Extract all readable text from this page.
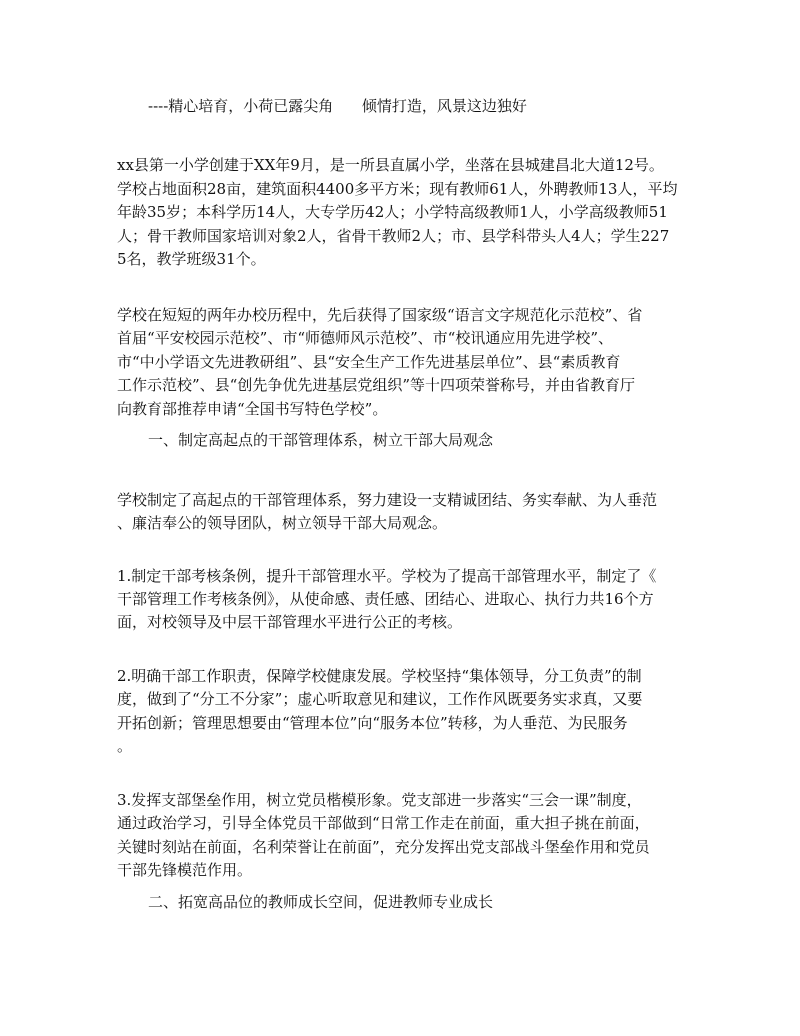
----精心培育，小荷已露尖角      倾情打造，风景这边独好

xx县第一小学创建于XX年9月，是一所县直属小学，坐落在县城建昌北大道12号。

学校占地面积28亩，建筑面积4400多平方米；现有教师61人，外聘教师13人，平均

年龄35岁；本科学历14人，大专学历42人；小学特高级教师1人，小学高级教师51

人；骨干教师国家培训对象2人，省骨干教师2人；市、县学科带头人4人；学生227

5名，教学班级31个。

学校在短短的两年办校历程中，先后获得了国家级“语言文字规范化示范校”、省

首届“平安校园示范校”、市“师德师风示范校”、市“校讯通应用先进学校”、

市“中小学语文先进教研组”、县“安全生产工作先进基层单位”、县“素质教育

工作示范校”、县“创先争优先进基层党组织”等十四项荣誉称号，并由省教育厅

向教育部推荐申请“全国书写特色学校”。

一、制定高起点的干部管理体系，树立干部大局观念

学校制定了高起点的干部管理体系，努力建设一支精诚团结、务实奉献、为人垂范

、廉洁奉公的领导团队，树立领导干部大局观念。

1.制定干部考核条例，提升干部管理水平。学校为了提高干部管理水平，制定了《

干部管理工作考核条例》，从使命感、责任感、团结心、进取心、执行力共16个方

面，对校领导及中层干部管理水平进行公正的考核。

2.明确干部工作职责，保障学校健康发展。学校坚持“集体领导，分工负责”的制

度，做到了“分工不分家”；虚心听取意见和建议，工作作风既要务实求真，又要

开拓创新；管理思想要由“管理本位”向“服务本位”转移，为人垂范、为民服务

。

3.发挥支部堡垒作用，树立党员楷模形象。党支部进一步落实“三会一课”制度，

通过政治学习，引导全体党员干部做到“日常工作走在前面，重大担子挑在前面，

关键时刻站在前面，名利荣誉让在前面”，充分发挥出党支部战斗堡垒作用和党员

干部先锋模范作用。

二、拓宽高品位的教师成长空间，促进教师专业成长
